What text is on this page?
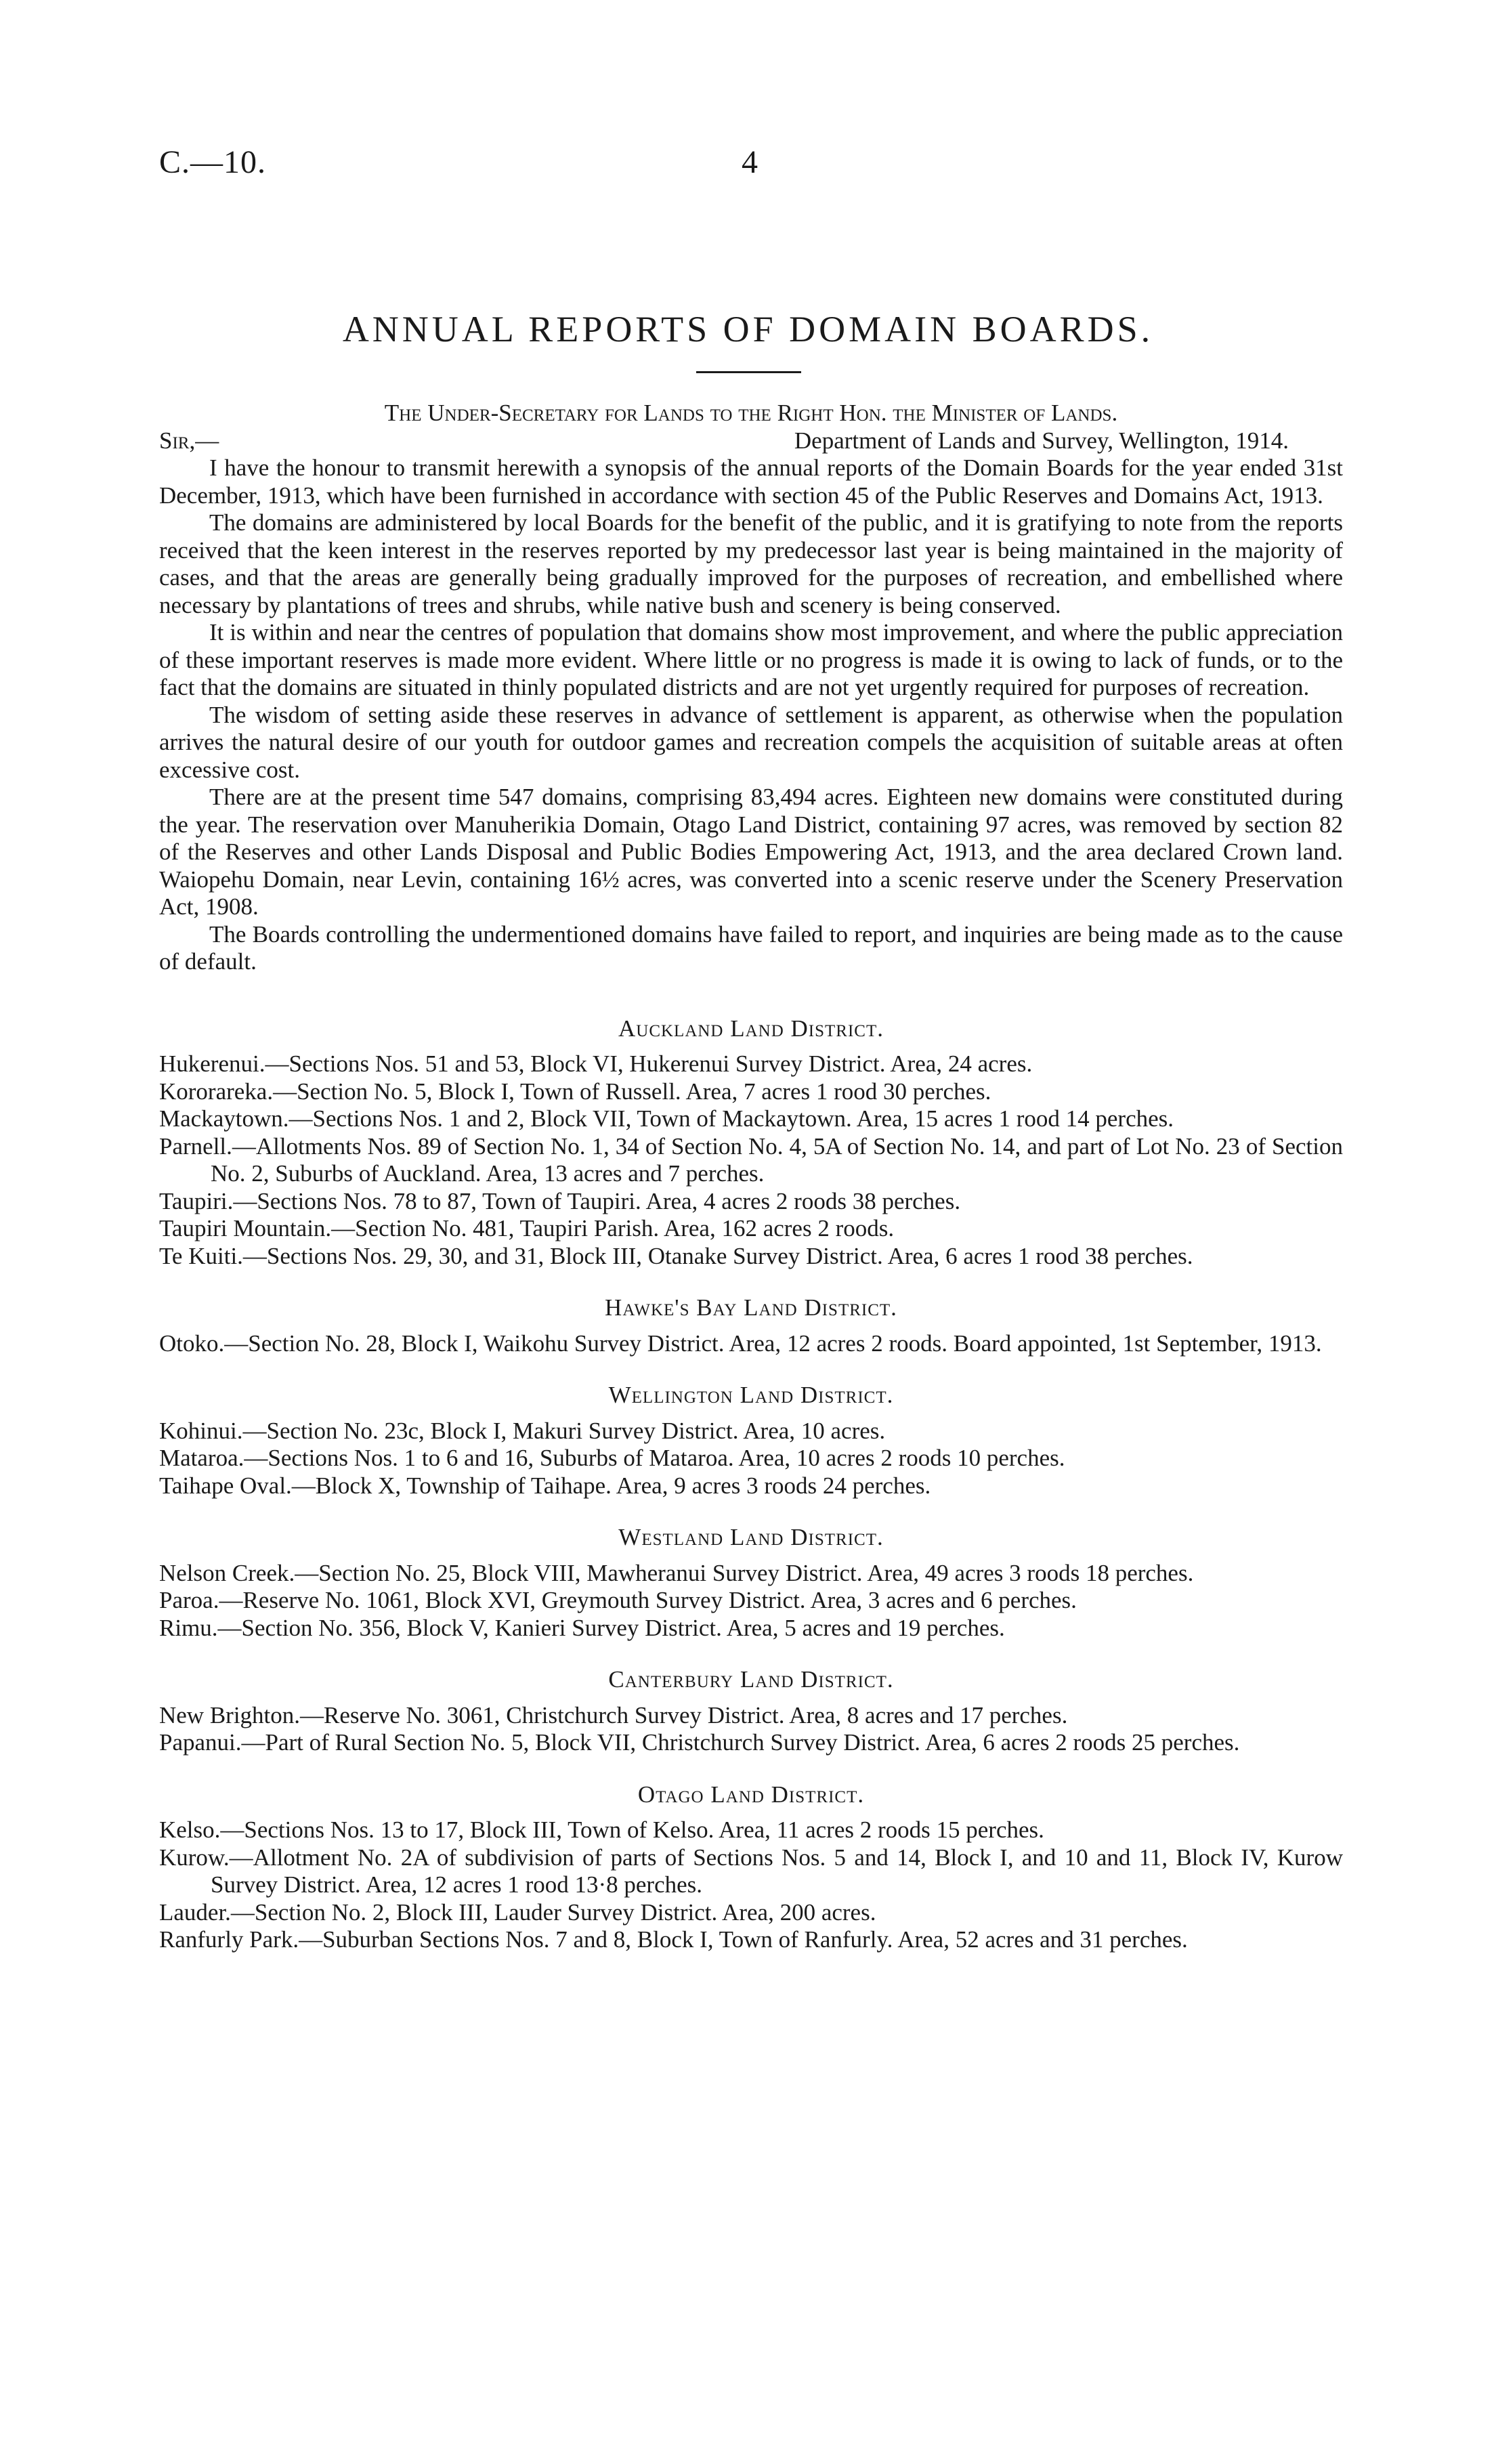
C.—10.	4
ANNUAL REPORTS OF DOMAIN BOARDS.

The Under-Secretary for Lands to the Right Hon. the Minister of Lands.

Sir,—	Department of Lands and Survey, Wellington, 1914.

I have the honour to transmit herewith a synopsis of the annual reports of the Domain Boards for the year ended 31st December, 1913, which have been furnished in accordance with section 45 of the Public Reserves and Domains Act, 1913.

The domains are administered by local Boards for the benefit of the public, and it is gratifying to note from the reports received that the keen interest in the reserves reported by my predecessor last year is being maintained in the majority of cases, and that the areas are generally being gradually improved for the purposes of recreation, and embellished where necessary by plantations of trees and shrubs, while native bush and scenery is being conserved.

It is within and near the centres of population that domains show most improvement, and where the public appreciation of these important reserves is made more evident. Where little or no progress is made it is owing to lack of funds, or to the fact that the domains are situated in thinly populated districts and are not yet urgently required for purposes of recreation.

The wisdom of setting aside these reserves in advance of settlement is apparent, as otherwise when the population arrives the natural desire of our youth for outdoor games and recreation compels the acquisition of suitable areas at often excessive cost.

There are at the present time 547 domains, comprising 83,494 acres. Eighteen new domains were constituted during the year. The reservation over Manuherikia Domain, Otago Land District, containing 97 acres, was removed by section 82 of the Reserves and other Lands Disposal and Public Bodies Empowering Act, 1913, and the area declared Crown land. Waiopehu Domain, near Levin, containing 16½ acres, was converted into a scenic reserve under the Scenery Preservation Act, 1908.

The Boards controlling the undermentioned domains have failed to report, and inquiries are being made as to the cause of default.

Auckland Land District.

Hukerenui.—Sections Nos. 51 and 53, Block VI, Hukerenui Survey District. Area, 24 acres.

Kororareka.—Section No. 5, Block I, Town of Russell. Area, 7 acres 1 rood 30 perches.

Mackaytown.—Sections Nos. 1 and 2, Block VII, Town of Mackaytown. Area, 15 acres 1 rood 14 perches.

Parnell.—Allotments Nos. 89 of Section No. 1, 34 of Section No. 4, 5A of Section No. 14, and part of Lot No. 23 of Section No. 2, Suburbs of Auckland. Area, 13 acres and 7 perches.

Taupiri.—Sections Nos. 78 to 87, Town of Taupiri. Area, 4 acres 2 roods 38 perches.

Taupiri Mountain.—Section No. 481, Taupiri Parish. Area, 162 acres 2 roods.

Te Kuiti.—Sections Nos. 29, 30, and 31, Block III, Otanake Survey District. Area, 6 acres 1 rood 38 perches.

Hawke's Bay Land District.

Otoko.—Section No. 28, Block I, Waikohu Survey District. Area, 12 acres 2 roods. Board appointed, 1st September, 1913.

Wellington Land District.

Kohinui.—Section No. 23c, Block I, Makuri Survey District. Area, 10 acres.

Mataroa.—Sections Nos. 1 to 6 and 16, Suburbs of Mataroa. Area, 10 acres 2 roods 10 perches.

Taihape Oval.—Block X, Township of Taihape. Area, 9 acres 3 roods 24 perches.

Westland Land District.

Nelson Creek.—Section No. 25, Block VIII, Mawheranui Survey District. Area, 49 acres 3 roods 18 perches.

Paroa.—Reserve No. 1061, Block XVI, Greymouth Survey District. Area, 3 acres and 6 perches.

Rimu.—Section No. 356, Block V, Kanieri Survey District. Area, 5 acres and 19 perches.

Canterbury Land District.

New Brighton.—Reserve No. 3061, Christchurch Survey District. Area, 8 acres and 17 perches.

Papanui.—Part of Rural Section No. 5, Block VII, Christchurch Survey District. Area, 6 acres 2 roods 25 perches.

Otago Land District.

Kelso.—Sections Nos. 13 to 17, Block III, Town of Kelso. Area, 11 acres 2 roods 15 perches.

Kurow.—Allotment No. 2A of subdivision of parts of Sections Nos. 5 and 14, Block I, and 10 and 11, Block IV, Kurow Survey District. Area, 12 acres 1 rood 13·8 perches.

Lauder.—Section No. 2, Block III, Lauder Survey District. Area, 200 acres.

Ranfurly Park.—Suburban Sections Nos. 7 and 8, Block I, Town of Ranfurly. Area, 52 acres and 31 perches.
